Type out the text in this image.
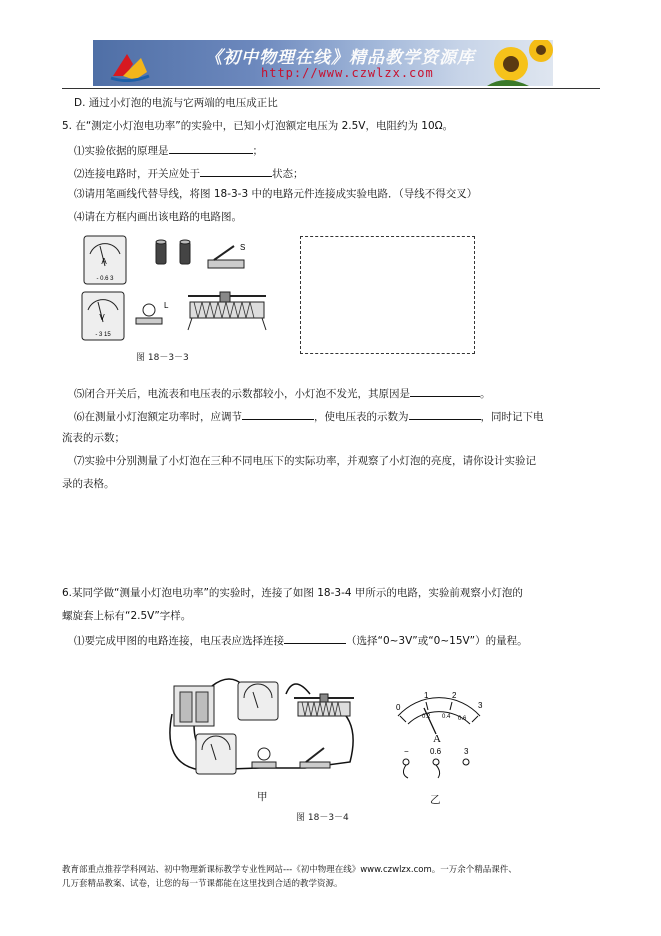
《初中物理在线》精品教学资源库
http://www.czwlzx.com
D. 通过小灯泡的电流与它两端的电压成正比
5. 在“测定小灯泡电功率”的实验中，已知小灯泡额定电压为 2.5V，电阻约为 10Ω。
⑴实验依据的原理是	；
⑵连接电路时，开关应处于	状态；
⑶请用笔画线代替导线，将图 18-3-3 中的电路元件连接成实验电路．（导线不得交叉）
⑷请在方框内画出该电路的电路图。
A
- 0.6 3
S
V
- 3 15
L
图 18－3－3
⑸闭合开关后，电流表和电压表的示数都较小，小灯泡不发光，其原因是	。
⑹在测量小灯泡额定功率时，应调节	，使电压表的示数为	，同时记下电
流表的示数；
⑺实验中分别测量了小灯泡在三种不同电压下的实际功率，并观察了小灯泡的亮度，请你设计实验记
录的表格。
6.某同学做“测量小灯泡电功率”的实验时，连接了如图 18-3-4 甲所示的电路，实验前观察小灯泡的
螺旋套上标有“2.5V”字样。
⑴要完成甲图的电路连接，电压表应选择连接	（选择“0~3V”或“0~15V”）的量程。
甲
0
1	2
3
0.2 0.4 0.6
A
−	0.6	3
乙
图 18－3－4
教育部重点推荐学科网站、初中物理新课标教学专业性网站---《初中物理在线》www.czwlzx.com。一万余个精品课件、
几万套精品教案、试卷，让您的每一节课都能在这里找到合适的教学资源。
